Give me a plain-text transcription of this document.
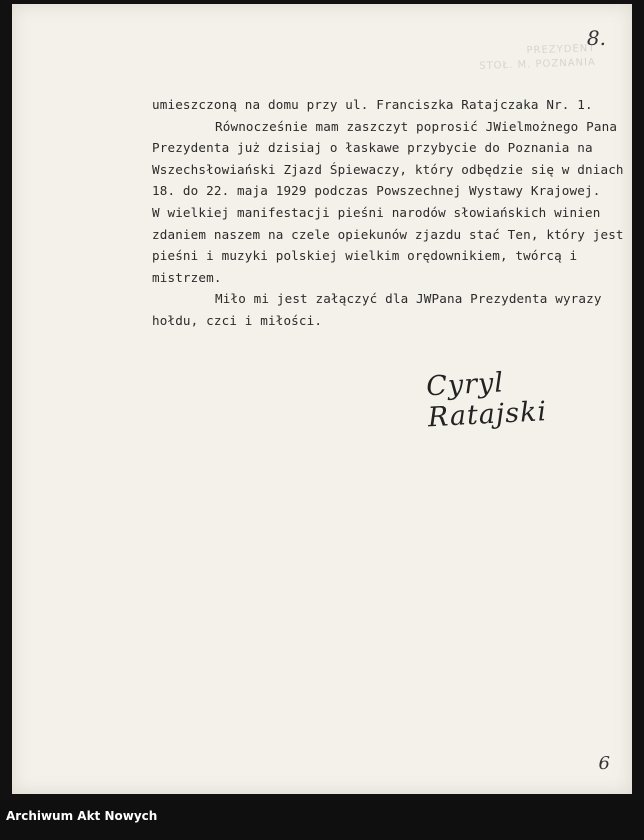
PREZYDENT
STOŁ. M. POZNANIA
8.
umieszczoną na domu przy ul. Franciszka Ratajczaka Nr. 1.
Równocześnie mam zaszczyt poprosić JWielmożnego Pana
Prezydenta już dzisiaj o łaskawe przybycie do Poznania na
Wszechsłowiański Zjazd Śpiewaczy, który odbędzie się w dniach
18. do 22. maja 1929 podczas Powszechnej Wystawy Krajowej.
W wielkiej manifestacji pieśni narodów słowiańskich winien
zdaniem naszem na czele opiekunów zjazdu stać Ten, który jest
pieśni i muzyki polskiej wielkim orędownikiem, twórcą i
mistrzem.
Miło mi jest załączyć dla JWPana Prezydenta wyrazy
hołdu, czci i miłości.
Cyryl Ratajski
6
Archiwum Akt Nowych
